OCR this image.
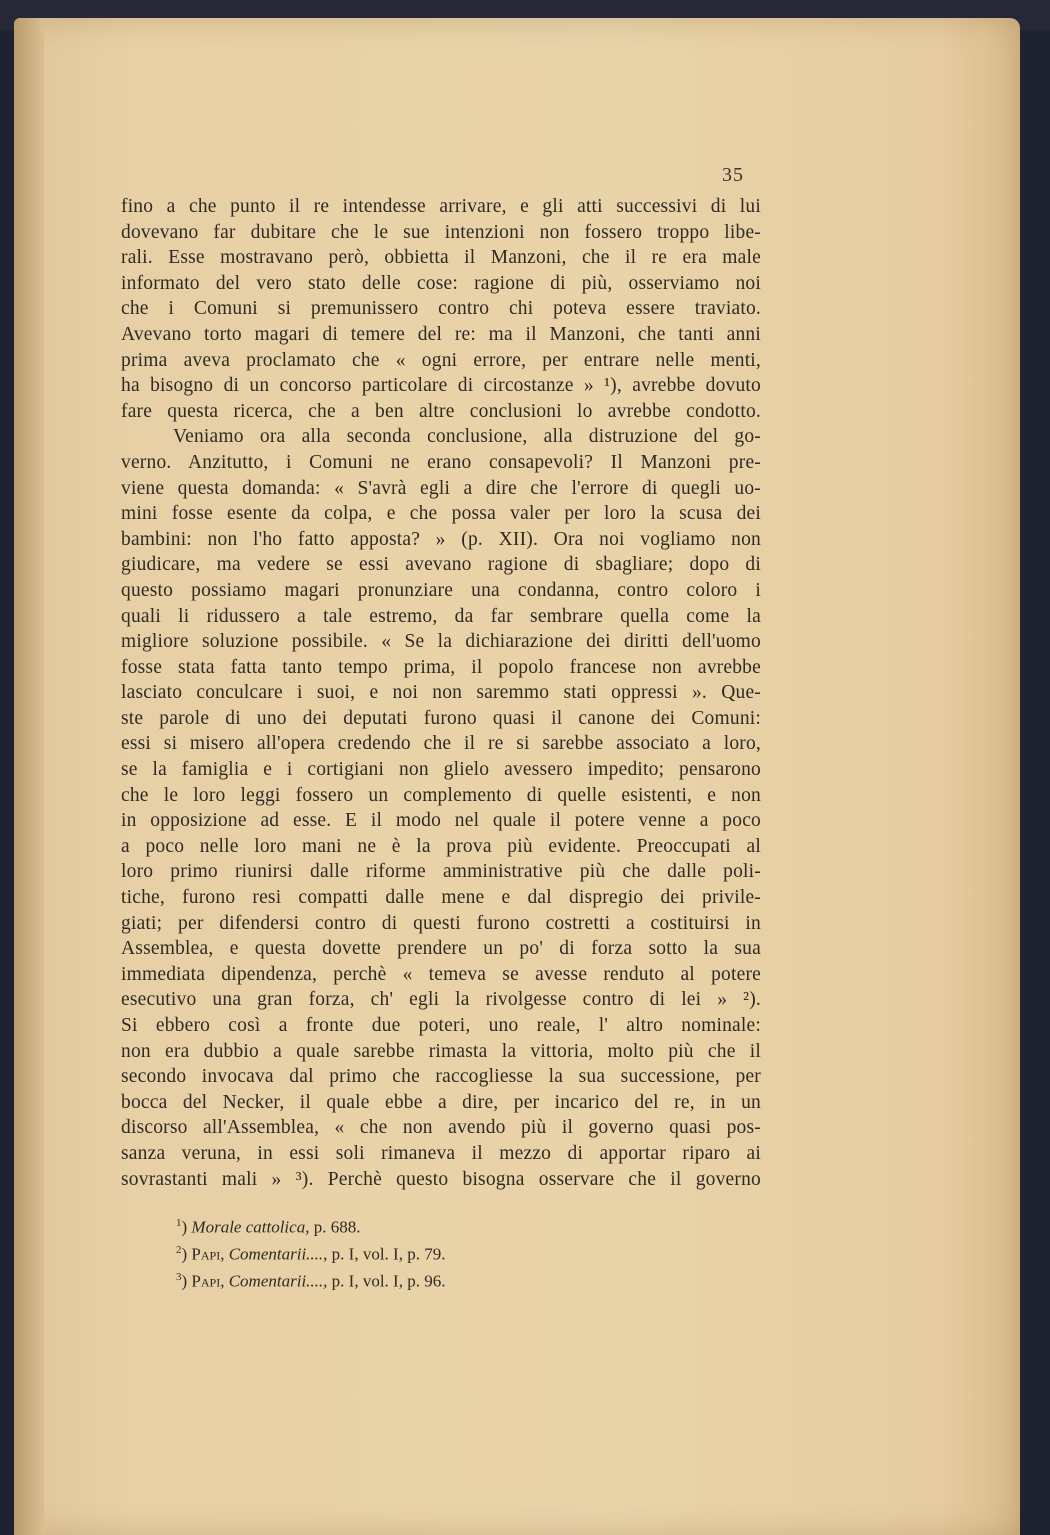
35
fino a che punto il re intendesse arrivare, e gli atti successivi di lui
dovevano far dubitare che le sue intenzioni non fossero troppo libe-
rali. Esse mostravano però, obbietta il Manzoni, che il re era male
informato del vero stato delle cose: ragione di più, osserviamo noi
che i Comuni si premunissero contro chi poteva essere traviato.
Avevano torto magari di temere del re: ma il Manzoni, che tanti anni
prima aveva proclamato che « ogni errore, per entrare nelle menti,
ha bisogno di un concorso particolare di circostanze » ¹), avrebbe dovuto
fare questa ricerca, che a ben altre conclusioni lo avrebbe condotto.
Veniamo ora alla seconda conclusione, alla distruzione del go-
verno. Anzitutto, i Comuni ne erano consapevoli? Il Manzoni pre-
viene questa domanda: « S'avrà egli a dire che l'errore di quegli uo-
mini fosse esente da colpa, e che possa valer per loro la scusa dei
bambini: non l'ho fatto apposta? » (p. XII). Ora noi vogliamo non
giudicare, ma vedere se essi avevano ragione di sbagliare; dopo di
questo possiamo magari pronunziare una condanna, contro coloro i
quali li ridussero a tale estremo, da far sembrare quella come la
migliore soluzione possibile. « Se la dichiarazione dei diritti dell'uomo
fosse stata fatta tanto tempo prima, il popolo francese non avrebbe
lasciato conculcare i suoi, e noi non saremmo stati oppressi ». Que-
ste parole di uno dei deputati furono quasi il canone dei Comuni:
essi si misero all'opera credendo che il re si sarebbe associato a loro,
se la famiglia e i cortigiani non glielo avessero impedito; pensarono
che le loro leggi fossero un complemento di quelle esistenti, e non
in opposizione ad esse. E il modo nel quale il potere venne a poco
a poco nelle loro mani ne è la prova più evidente. Preoccupati al
loro primo riunirsi dalle riforme amministrative più che dalle poli-
tiche, furono resi compatti dalle mene e dal dispregio dei privile-
giati; per difendersi contro di questi furono costretti a costituirsi in
Assemblea, e questa dovette prendere un po' di forza sotto la sua
immediata dipendenza, perchè « temeva se avesse renduto al potere
esecutivo una gran forza, ch' egli la rivolgesse contro di lei » ²).
Si ebbero così a fronte due poteri, uno reale, l' altro nominale:
non era dubbio a quale sarebbe rimasta la vittoria, molto più che il
secondo invocava dal primo che raccogliesse la sua successione, per
bocca del Necker, il quale ebbe a dire, per incarico del re, in un
discorso all'Assemblea, « che non avendo più il governo quasi pos-
sanza veruna, in essi soli rimaneva il mezzo di apportar riparo ai
sovrastanti mali » ³). Perchè questo bisogna osservare che il governo
$^1$) Morale cattolica, p. 688.
$^2$) Papi, Comentarii...., p. I, vol. I, p. 79.
$^3$) Papi, Comentarii...., p. I, vol. I, p. 96.
